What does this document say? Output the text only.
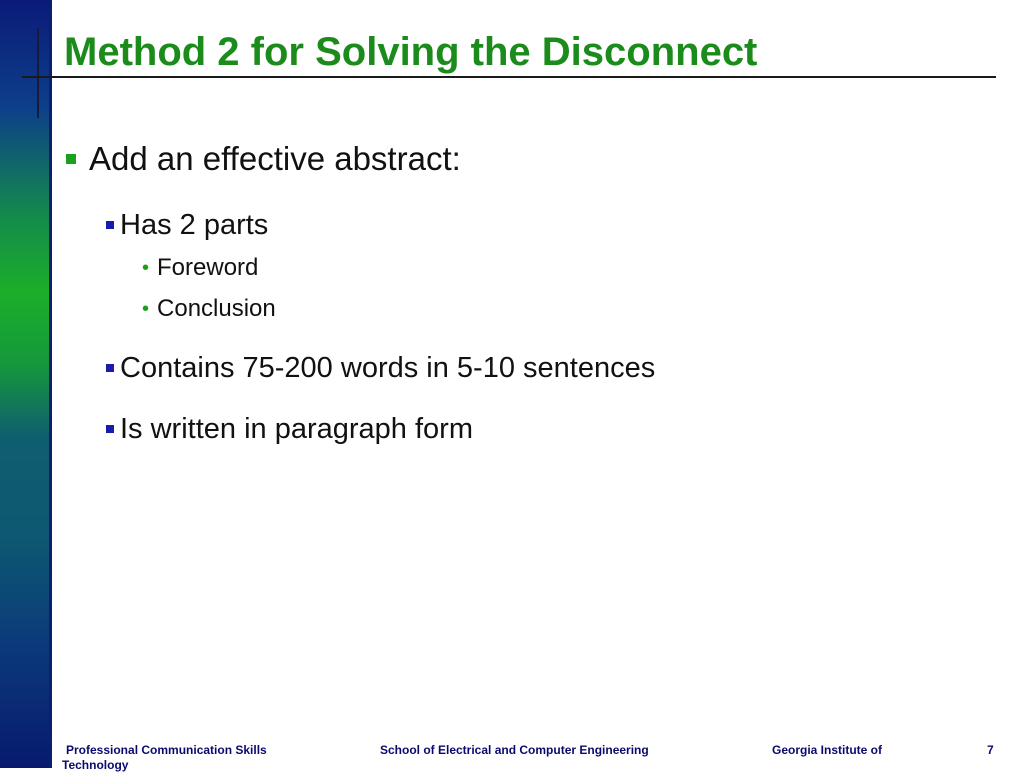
Method 2 for Solving the Disconnect
Add an effective abstract:
Has 2 parts
• Foreword
• Conclusion
Contains 75-200 words in 5-10 sentences
Is written in paragraph form
Professional Communication Skills	School of Electrical and Computer Engineering	Georgia Institute of	7
Technology
